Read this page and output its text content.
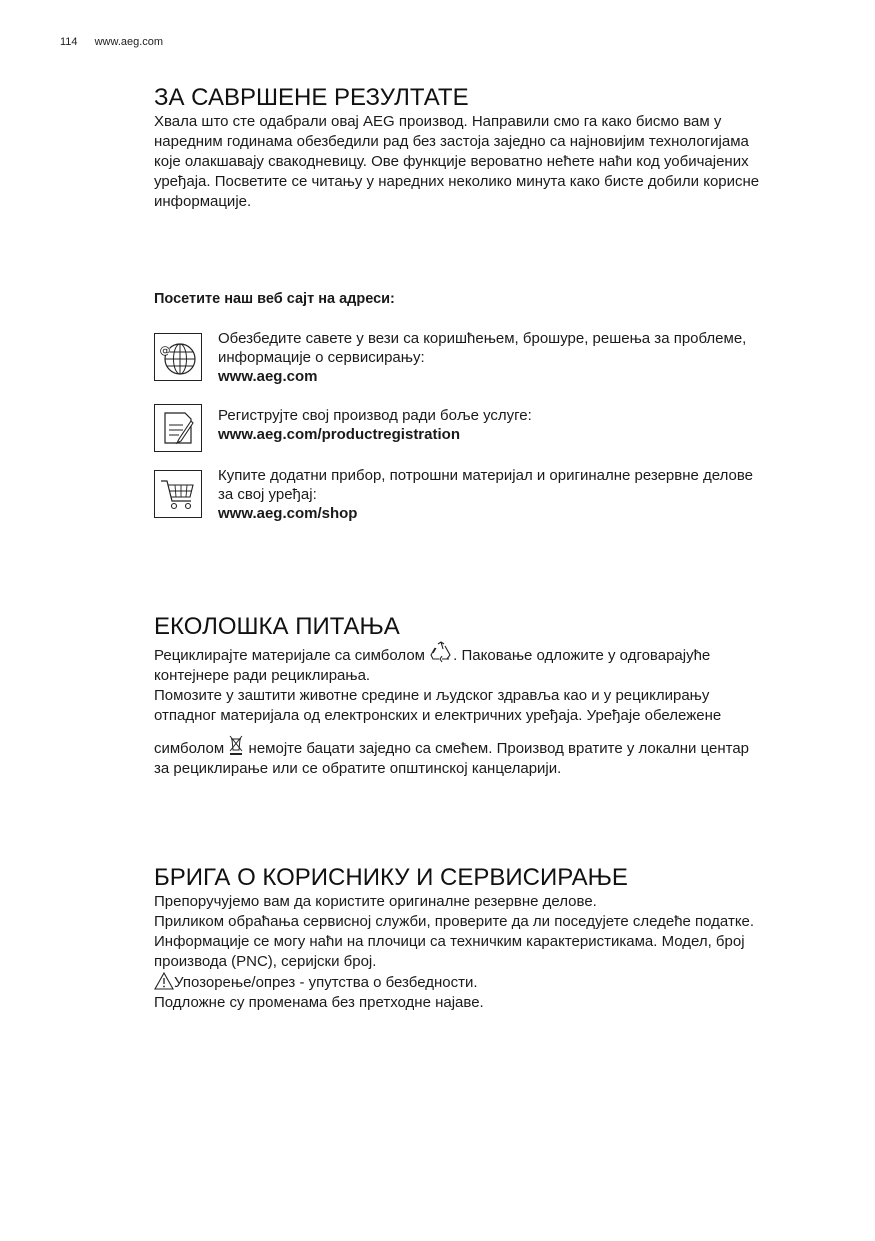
114 www.aeg.com
ЗА САВРШЕНЕ РЕЗУЛТАТЕ

Хвала што сте одабрали овај AEG производ. Направили смо га како бисмо вам у

наредним годинама обезбедили рад без застоја заједно са најновијим технологијама

које олакшавају свакодневицу. Ове функције вероватно нећете наћи код уобичајених

уређаја. Посветите се читању у наредних неколико минута како бисте добили корисне

информације.

Посетите наш веб сајт на адреси:
@
Обезбедите савете у вези са коришћењем, брошуре, решења за проблеме,
информације о сервисирању:
www.aeg.com
Региструјте свој производ ради боље услуге:
www.aeg.com/productregistration
Купите додатни прибор, потрошни материјал и оригиналне резервне делове
за свој уређај:
www.aeg.com/shop
ЕКОЛОШКА ПИТАЊА

Рециклирајте материјале са симболом . Паковање одложите у одговарајуће

контејнере ради рециклирања.

Помозите у заштити животне средине и људског здравља као и у рециклирању

отпадног материјала од електронских и електричних уређаја. Уређаје обележене

симболом  немојте бацати заједно са смећем. Производ вратите у локални центар

за рециклирање или се обратите општинској канцеларији.

БРИГА О КОРИСНИКУ И СЕРВИСИРАЊЕ

Препоручујемо вам да користите оригиналне резервне делове.

Приликом обраћања сервисној служби, проверите да ли поседујете следеће податке.

Информације се могу наћи на плочици са техничким карактеристикама. Модел, број

производа (PNC), серијски број.

Упозорење/опрез - упутства о безбедности.

Подложне су променама без претходне најаве.
